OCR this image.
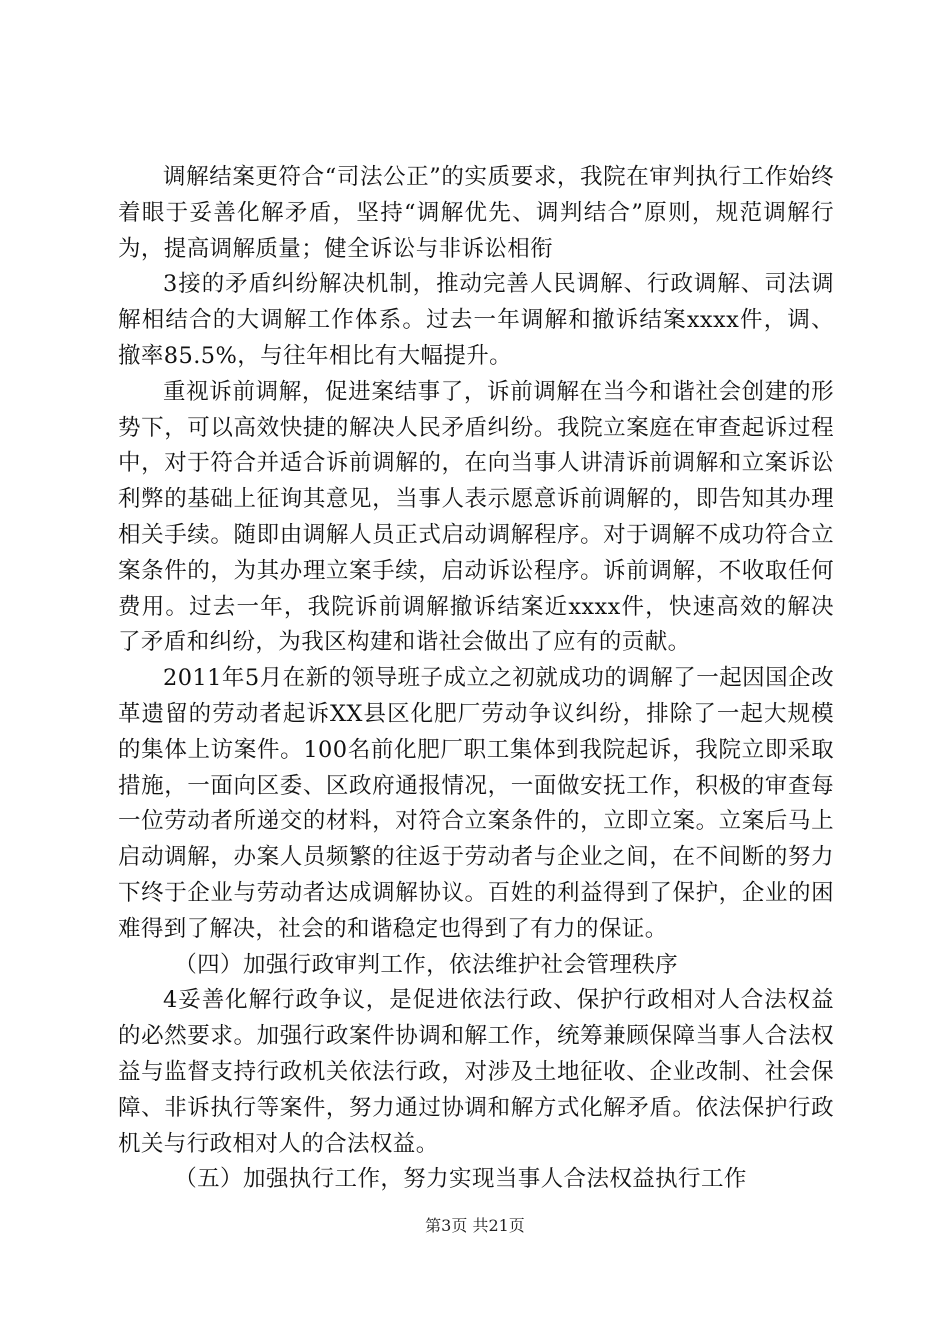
调解结案更符合“司法公正”的实质要求，我院在审判执行工作始终着眼于妥善化解矛盾，坚持“调解优先、调判结合”原则，规范调解行为，提高调解质量；健全诉讼与非诉讼相衔

3接的矛盾纠纷解决机制，推动完善人民调解、行政调解、司法调解相结合的大调解工作体系。过去一年调解和撤诉结案xxxx件，调、撤率85.5%，与往年相比有大幅提升。

重视诉前调解，促进案结事了，诉前调解在当今和谐社会创建的形势下，可以高效快捷的解决人民矛盾纠纷。我院立案庭在审查起诉过程中，对于符合并适合诉前调解的，在向当事人讲清诉前调解和立案诉讼利弊的基础上征询其意见，当事人表示愿意诉前调解的，即告知其办理相关手续。随即由调解人员正式启动调解程序。对于调解不成功符合立案条件的，为其办理立案手续，启动诉讼程序。诉前调解，不收取任何费用。过去一年，我院诉前调解撤诉结案近xxxx件，快速高效的解决了矛盾和纠纷，为我区构建和谐社会做出了应有的贡献。

2011年5月在新的领导班子成立之初就成功的调解了一起因国企改革遗留的劳动者起诉XX县区化肥厂劳动争议纠纷，排除了一起大规模的集体上访案件。100名前化肥厂职工集体到我院起诉，我院立即采取措施，一面向区委、区政府通报情况，一面做安抚工作，积极的审查每一位劳动者所递交的材料，对符合立案条件的，立即立案。立案后马上启动调解，办案人员频繁的往返于劳动者与企业之间，在不间断的努力下终于企业与劳动者达成调解协议。百姓的利益得到了保护，企业的困难得到了解决，社会的和谐稳定也得到了有力的保证。

（四）加强行政审判工作，依法维护社会管理秩序

4妥善化解行政争议，是促进依法行政、保护行政相对人合法权益的必然要求。加强行政案件协调和解工作，统筹兼顾保障当事人合法权益与监督支持行政机关依法行政，对涉及土地征收、企业改制、社会保障、非诉执行等案件，努力通过协调和解方式化解矛盾。依法保护行政机关与行政相对人的合法权益。

（五）加强执行工作，努力实现当事人合法权益执行工作

第3页 共21页
